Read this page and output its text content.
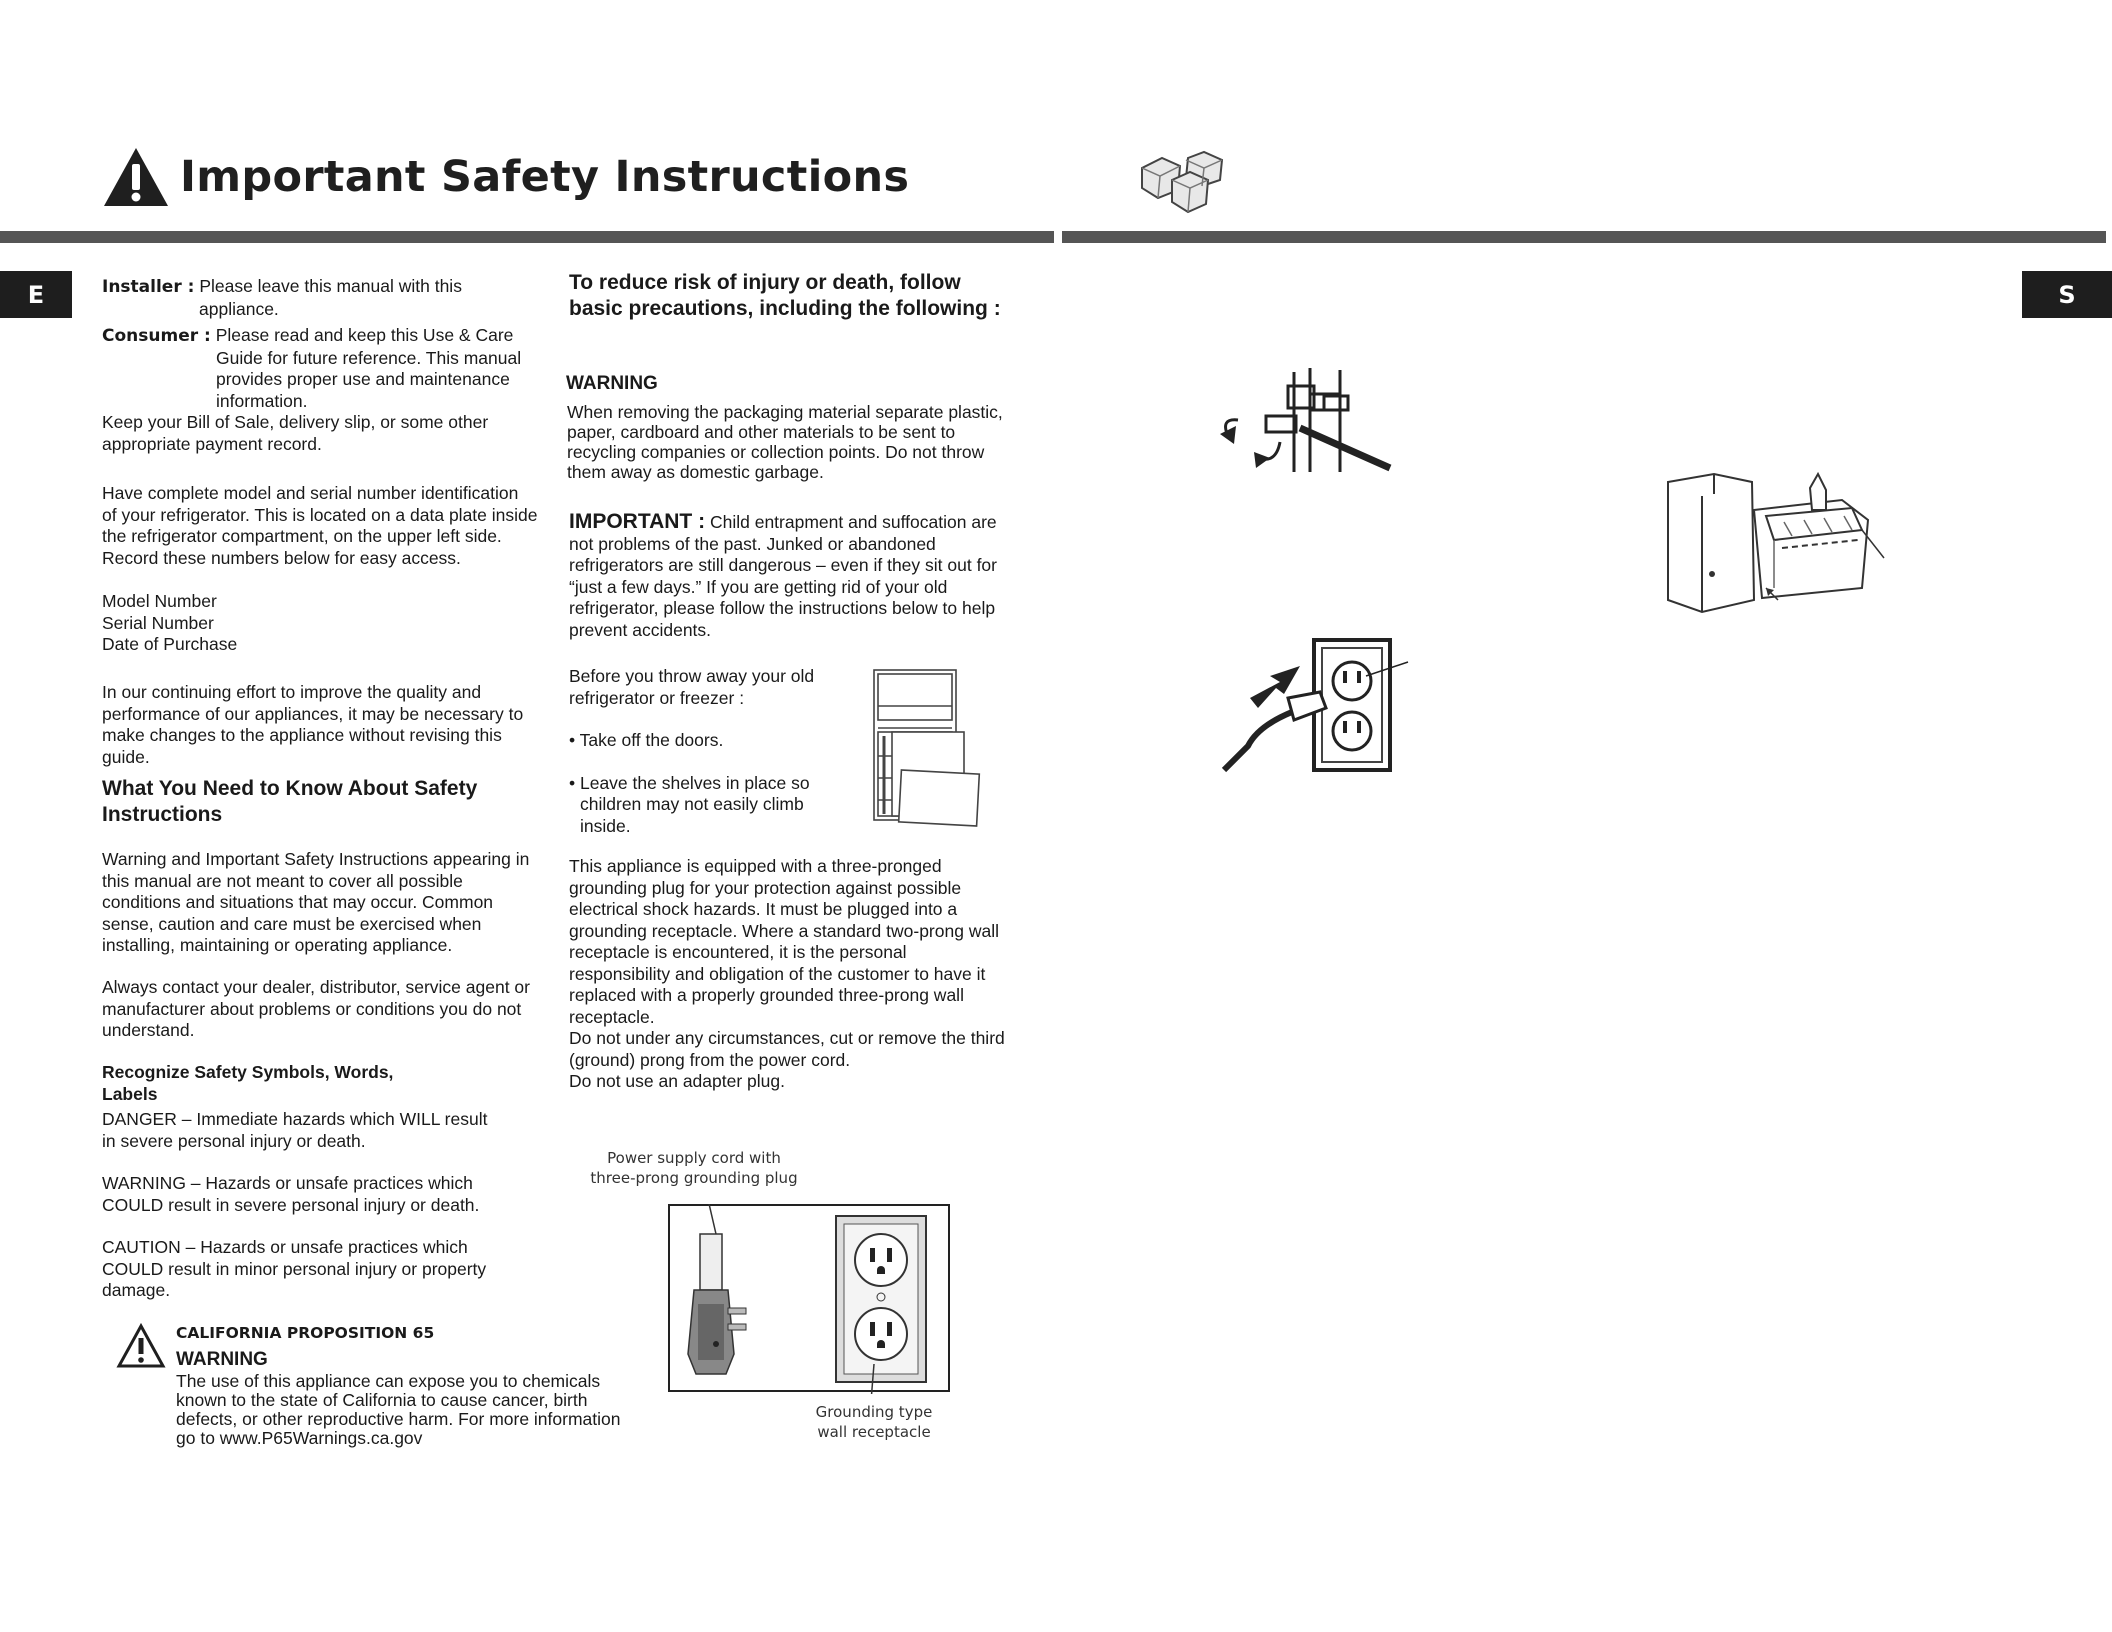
Important Safety Instructions
E	S

Installer : Please leave this manual with this

appliance.

Consumer : Please read and keep this Use & Care

Guide for future reference. This manual

provides proper use and maintenance

information.

Keep your Bill of Sale, delivery slip, or some other

appropriate payment record.

Have complete model and serial number identification

of your refrigerator. This is located on a data plate inside

the refrigerator compartment, on the upper left side.

Record these numbers below for easy access.

Model Number

Serial Number

Date of Purchase

In our continuing effort to improve the quality and

performance of our appliances, it may be necessary to

make changes to the appliance without revising this

guide.

What You Need to Know About Safety
Instructions

Warning and Important Safety Instructions appearing in

this manual are not meant to cover all possible

conditions and situations that may occur. Common

sense, caution and care must be exercised when

installing, maintaining or operating appliance.

Always contact your dealer, distributor, service agent or

manufacturer about problems or conditions you do not

understand.

Recognize Safety Symbols, Words,
Labels

DANGER – Immediate hazards which WILL result

in severe personal injury or death.

WARNING – Hazards or unsafe practices which

COULD result in severe personal injury or death.

CAUTION – Hazards or unsafe practices which

COULD result in minor personal injury or property

damage.

CALIFORNIA PROPOSITION 65
WARNING

The use of this appliance can expose you to chemicals

known to the state of California to cause cancer, birth

defects, or other reproductive harm. For more information

go to www.P65Warnings.ca.gov

To reduce risk of injury or death, follow
basic precautions, including the following :
WARNING

When removing the packaging material separate plastic,

paper, cardboard and other materials to be sent to

recycling companies or collection points. Do not throw

them away as domestic garbage.

IMPORTANT : Child entrapment and suffocation are

not problems of the past. Junked or abandoned

refrigerators are still dangerous – even if they sit out for

“just a few days.” If you are getting rid of your old

refrigerator, please follow the instructions below to help

prevent accidents.

Before you throw away your old

refrigerator or freezer :

• Take off the doors.

• Leave the shelves in place so

children may not easily climb

inside.

This appliance is equipped with a three-pronged

grounding plug for your protection against possible

electrical shock hazards. It must be plugged into a

grounding receptacle. Where a standard two-prong wall

receptacle is encountered, it is the personal

responsibility and obligation of the customer to have it

replaced with a properly grounded three-prong wall

receptacle.

Do not under any circumstances, cut or remove the third

(ground) prong from the power cord.

Do not use an adapter plug.

Power supply cord with
three-prong grounding plug
Grounding type
wall receptacle
